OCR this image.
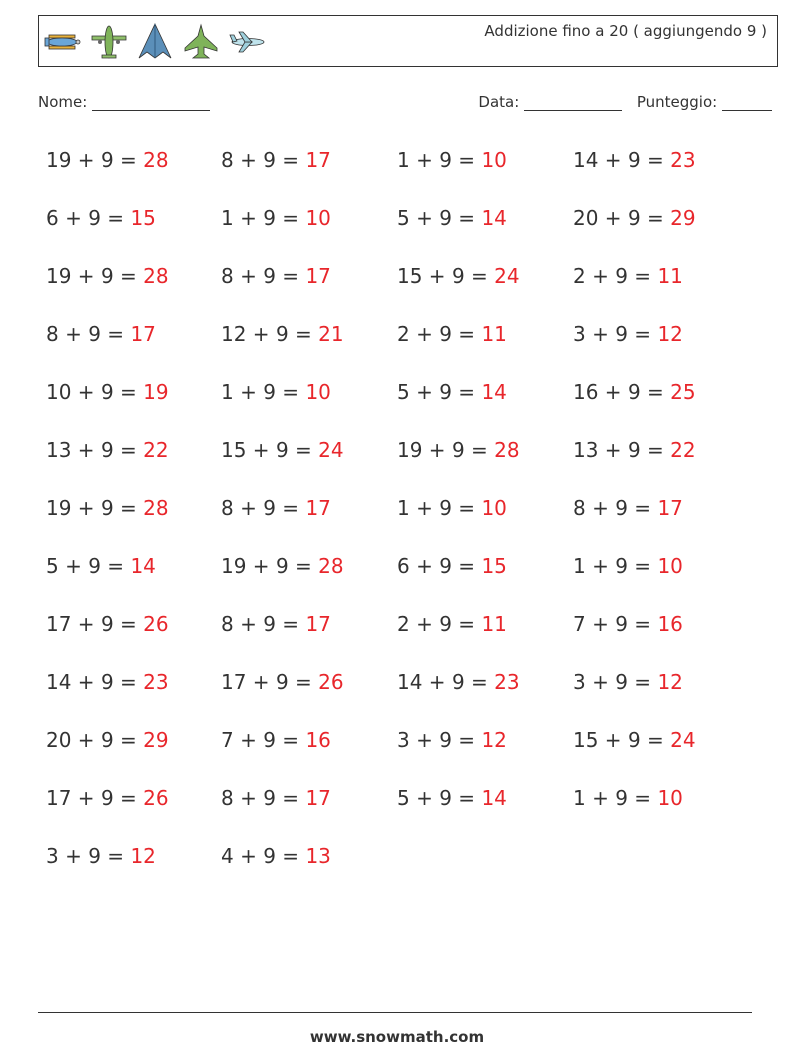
Addizione fino a 20 ( aggiungendo 9 )
Nome:	Data:	Punteggio:
19 + 9 = 28	8 + 9 = 17	1 + 9 = 10	14 + 9 = 23
6 + 9 = 15	1 + 9 = 10	5 + 9 = 14	20 + 9 = 29
19 + 9 = 28	8 + 9 = 17	15 + 9 = 24	2 + 9 = 11
8 + 9 = 17	12 + 9 = 21	2 + 9 = 11	3 + 9 = 12
10 + 9 = 19	1 + 9 = 10	5 + 9 = 14	16 + 9 = 25
13 + 9 = 22	15 + 9 = 24	19 + 9 = 28	13 + 9 = 22
19 + 9 = 28	8 + 9 = 17	1 + 9 = 10	8 + 9 = 17
5 + 9 = 14	19 + 9 = 28	6 + 9 = 15	1 + 9 = 10
17 + 9 = 26	8 + 9 = 17	2 + 9 = 11	7 + 9 = 16
14 + 9 = 23	17 + 9 = 26	14 + 9 = 23	3 + 9 = 12
20 + 9 = 29	7 + 9 = 16	3 + 9 = 12	15 + 9 = 24
17 + 9 = 26	8 + 9 = 17	5 + 9 = 14	1 + 9 = 10
3 + 9 = 12	4 + 9 = 13
www.snowmath.com
